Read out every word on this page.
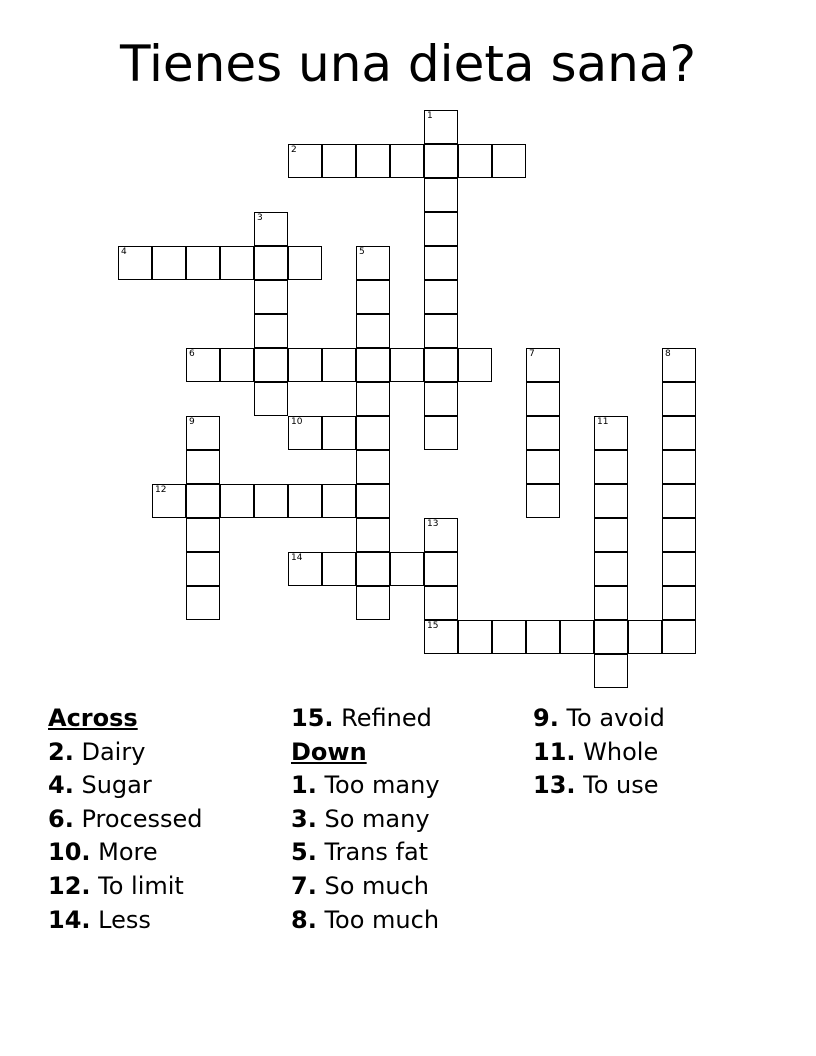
Tienes una dieta sana?
1
2
3
4	5
6	7	8
9	10	11
12
13
15
14
Across
2. Dairy
4. Sugar
6. Processed
10. More
12. To limit
14. Less
15. Refined
Down
1. Too many
3. So many
5. Trans fat
7. So much
8. Too much
9. To avoid
11. Whole
13. To use
